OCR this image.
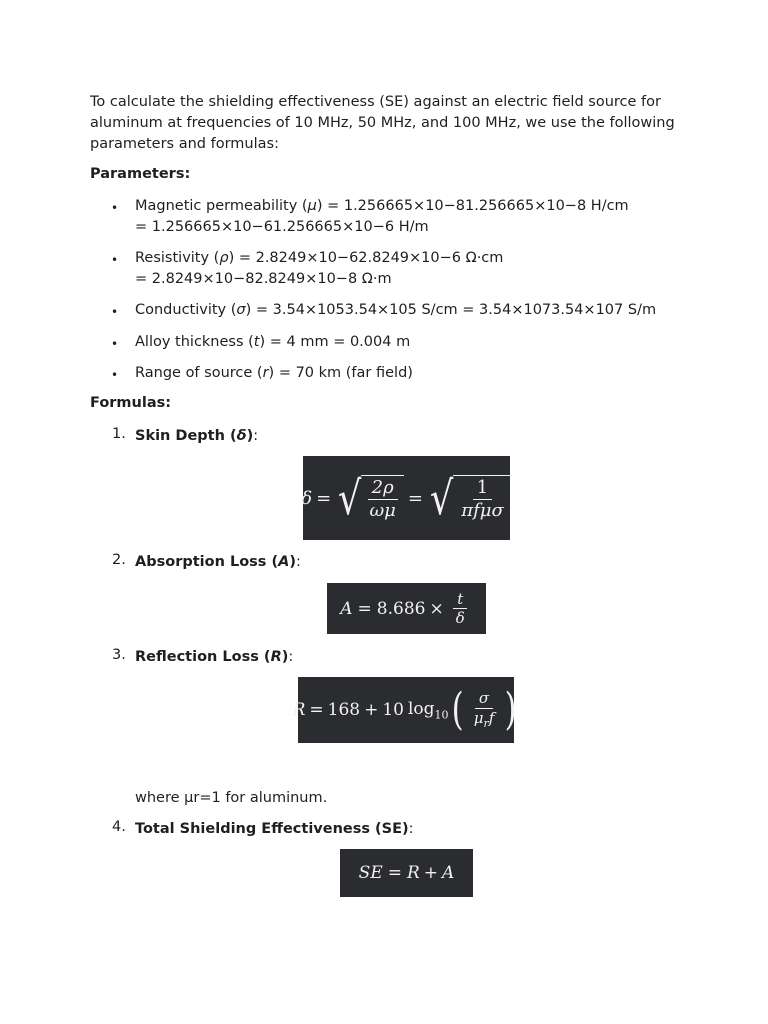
To calculate the shielding effectiveness (SE) against an electric field source for aluminum at frequencies of 10 MHz, 50 MHz, and 100 MHz, we use the following parameters and formulas:
Parameters:
• Magnetic permeability (μ) = 1.256665×10−81.256665×10−8 H/cm
= 1.256665×10−61.256665×10−6 H/m
• Resistivity (ρ) = 2.8249×10−62.8249×10−6 Ω·cm
= 2.8249×10−82.8249×10−8 Ω·m
• Conductivity (σ) = 3.54×1053.54×105 S/cm = 3.54×1073.54×107 S/m
• Alloy thickness (t) = 4 mm = 0.004 m
• Range of source (r) = 70 km (far field)
Formulas:
1. Skin Depth (δ):
δ = √ $\frac{2\rho}{\omega\mu}$ = √ $\frac{1}{\text{πfμσ}}$
2. Absorption Loss (A):
$A = 8.686 \times \frac{t}{\delta}$
3. Reflection Loss (R):
R = 168 + 10 $\log_{10}$ ( $\frac{\sigma}{\mu_rf}$ )
where μr=1 for aluminum.
4. Total Shielding Effectiveness (SE):
SE = R + A
